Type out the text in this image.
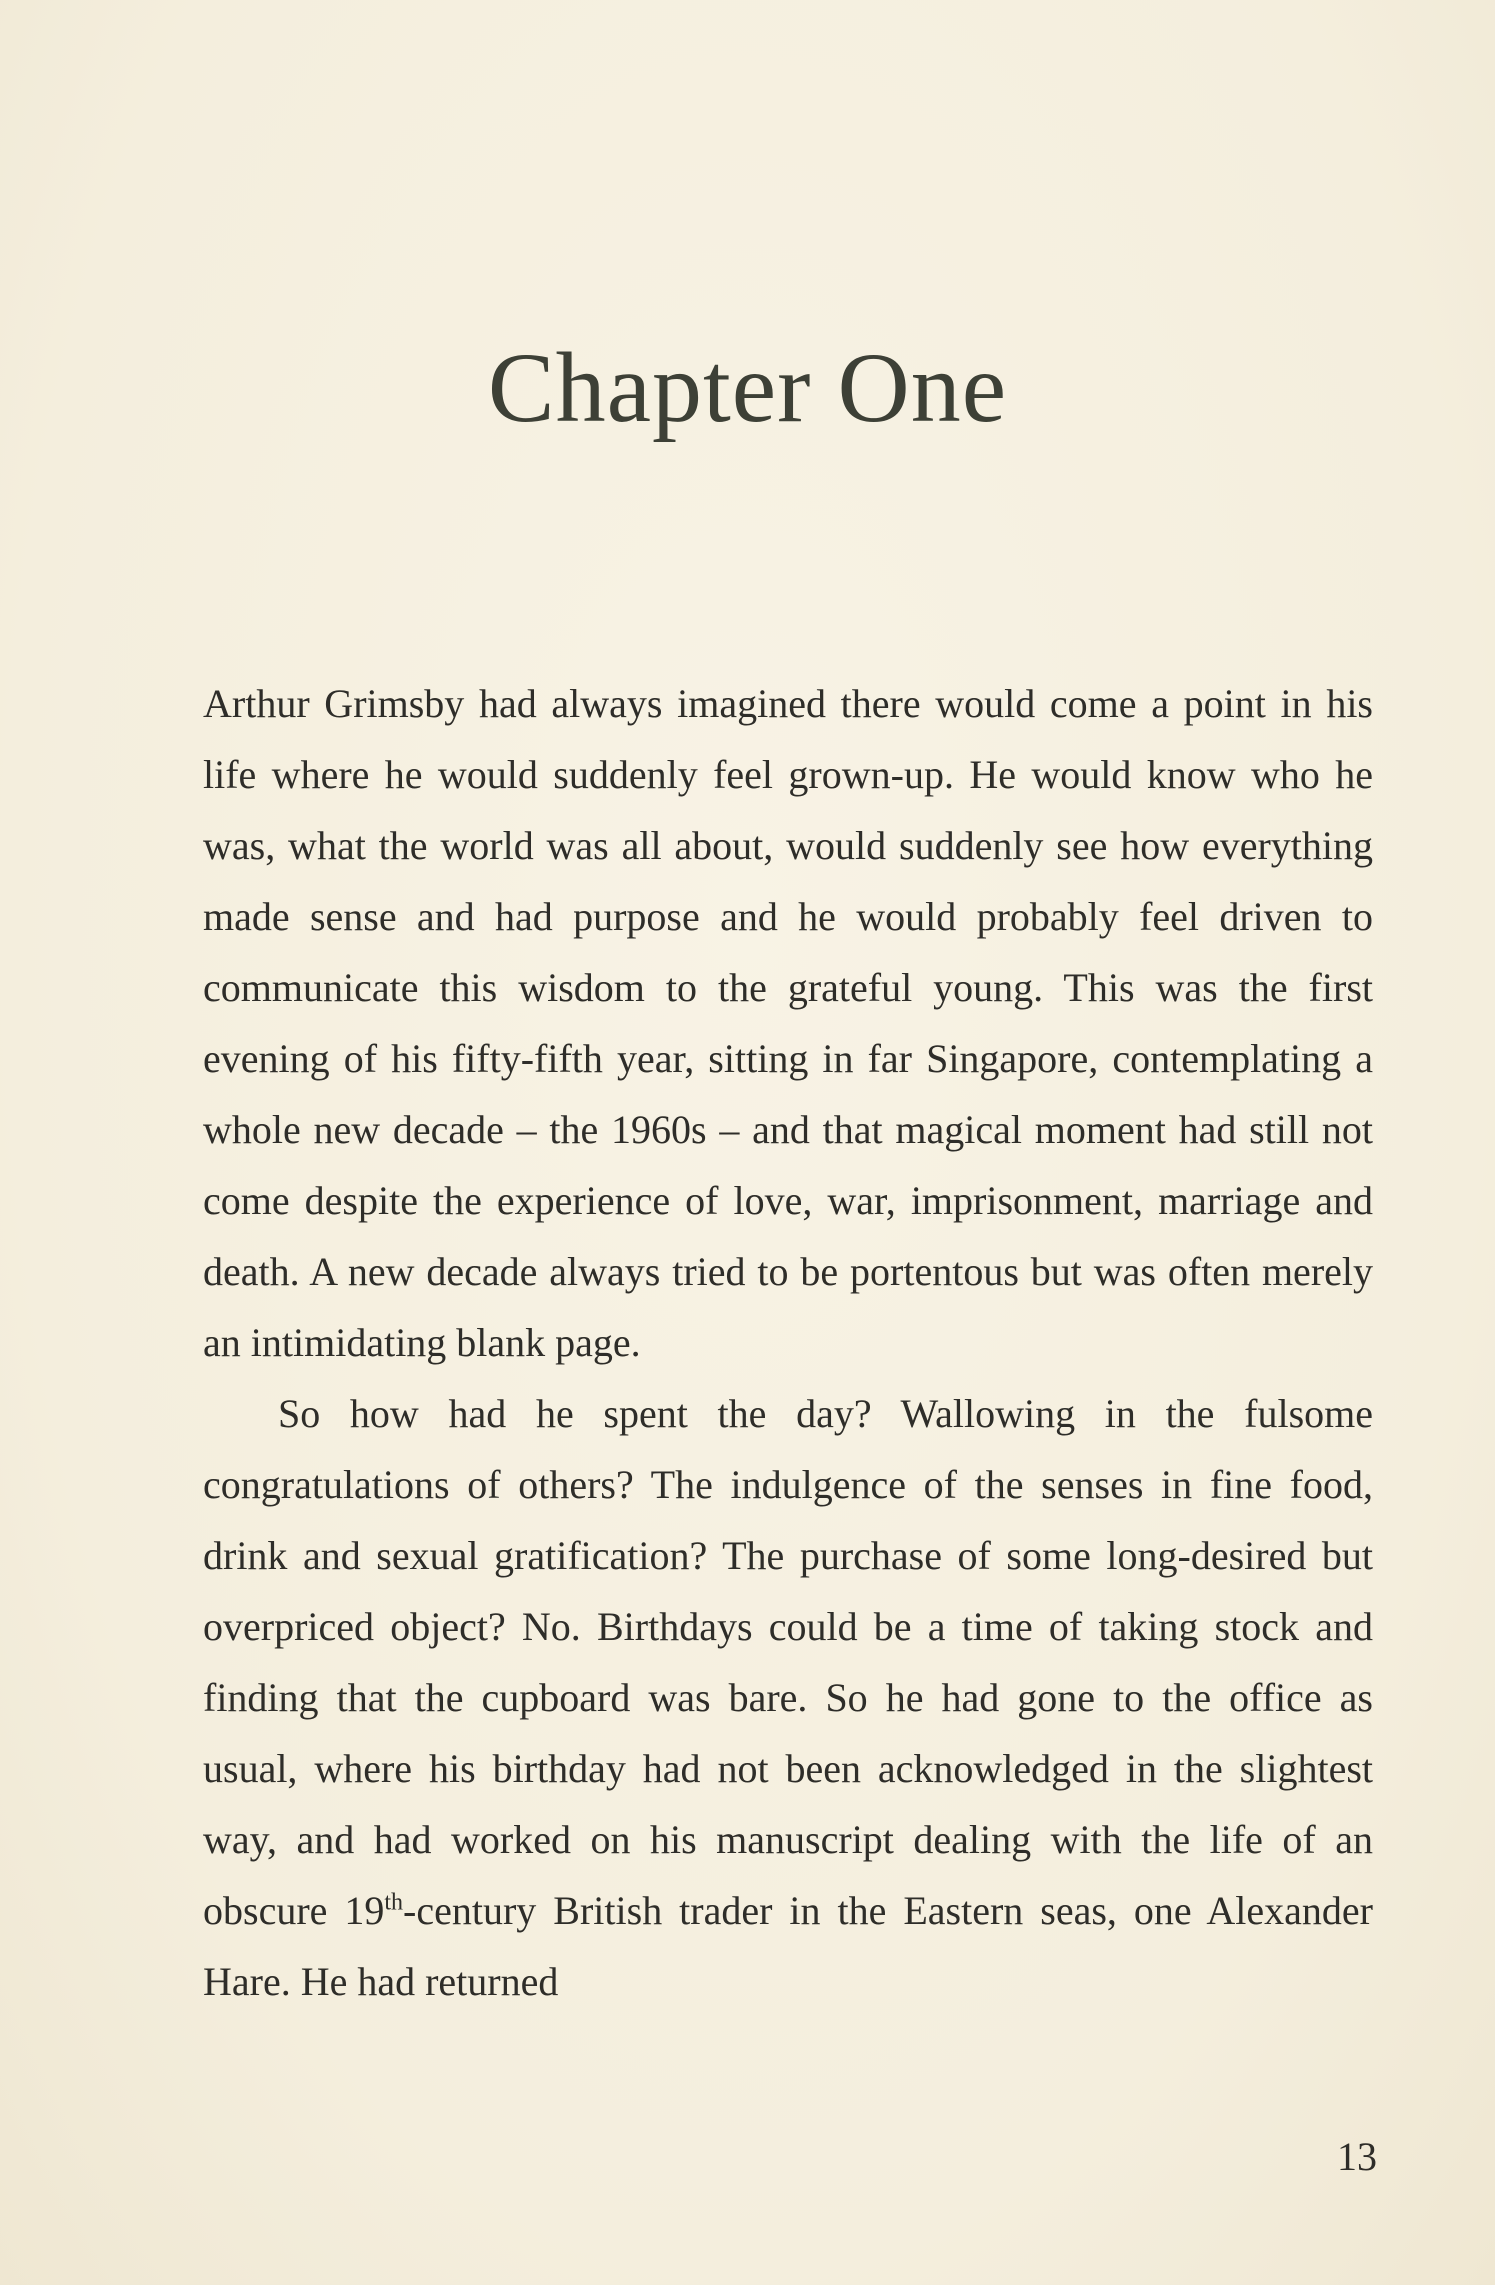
Chapter One

Arthur Grimsby had always imagined there would come a point in his life where he would suddenly feel grown-up. He would know who he was, what the world was all about, would suddenly see how everything made sense and had purpose and he would probably feel driven to communicate this wisdom to the grateful young. This was the first evening of his fifty-fifth year, sitting in far Singapore, contemplating a whole new decade – the 1960s – and that magical moment had still not come despite the experience of love, war, imprisonment, marriage and death. A new decade always tried to be portentous but was often merely an intimidating blank page.

So how had he spent the day? Wallowing in the fulsome congratulations of others? The indulgence of the senses in fine food, drink and sexual gratification? The purchase of some long-desired but overpriced object? No. Birthdays could be a time of taking stock and finding that the cupboard was bare. So he had gone to the office as usual, where his birthday had not been acknowledged in the slightest way, and had worked on his manuscript dealing with the life of an obscure 19th-century British trader in the Eastern seas, one Alexander Hare. He had returned

13
